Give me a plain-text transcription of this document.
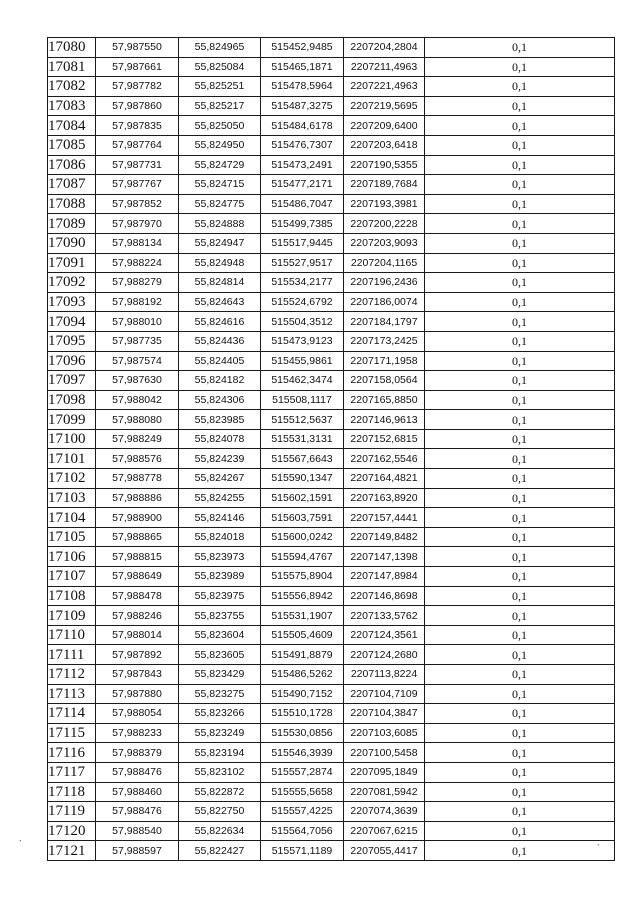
17080	57,987550	55,824965	515452,9485	2207204,2804	0,1
17081	57,987661	55,825084	515465,1871	2207211,4963	0,1
17082	57,987782	55,825251	515478,5964	2207221,4963	0,1
17083	57,987860	55,825217	515487,3275	2207219,5695	0,1
17084	57,987835	55,825050	515484,6178	2207209,6400	0,1
17085	57,987764	55,824950	515476,7307	2207203,6418	0,1
17086	57,987731	55,824729	515473,2491	2207190,5355	0,1
17087	57,987767	55,824715	515477,2171	2207189,7684	0,1
17088	57,987852	55,824775	515486,7047	2207193,3981	0,1
17089	57,987970	55,824888	515499,7385	2207200,2228	0,1
17090	57,988134	55,824947	515517,9445	2207203,9093	0,1
17091	57,988224	55,824948	515527,9517	2207204,1165	0,1
17092	57,988279	55,824814	515534,2177	2207196,2436	0,1
17093	57,988192	55,824643	515524,6792	2207186,0074	0,1
17094	57,988010	55,824616	515504,3512	2207184,1797	0,1
17095	57,987735	55,824436	515473,9123	2207173,2425	0,1
17096	57,987574	55,824405	515455,9861	2207171,1958	0,1
17097	57,987630	55,824182	515462,3474	2207158,0564	0,1
17098	57,988042	55,824306	515508,1117	2207165,8850	0,1
17099	57,988080	55,823985	515512,5637	2207146,9613	0,1
17100	57,988249	55,824078	515531,3131	2207152,6815	0,1
17101	57,988576	55,824239	515567,6643	2207162,5546	0,1
17102	57,988778	55,824267	515590,1347	2207164,4821	0,1
17103	57,988886	55,824255	515602,1591	2207163,8920	0,1
17104	57,988900	55,824146	515603,7591	2207157,4441	0,1
17105	57,988865	55,824018	515600,0242	2207149,8482	0,1
17106	57,988815	55,823973	515594,4767	2207147,1398	0,1
17107	57,988649	55,823989	515575,8904	2207147,8984	0,1
17108	57,988478	55,823975	515556,8942	2207146,8698	0,1
17109	57,988246	55,823755	515531,1907	2207133,5762	0,1
17110	57,988014	55,823604	515505,4609	2207124,3561	0,1
17111	57,987892	55,823605	515491,8879	2207124,2680	0,1
17112	57,987843	55,823429	515486,5262	2207113,8224	0,1
17113	57,987880	55,823275	515490,7152	2207104,7109	0,1
17114	57,988054	55,823266	515510,1728	2207104,3847	0,1
17115	57,988233	55,823249	515530,0856	2207103,6085	0,1
17116	57,988379	55,823194	515546,3939	2207100,5458	0,1
17117	57,988476	55,823102	515557,2874	2207095,1849	0,1
17118	57,988460	55,822872	515555,5658	2207081,5942	0,1
17119	57,988476	55,822750	515557,4225	2207074,3639	0,1
17120	57,988540	55,822634	515564,7056	2207067,6215	0,1
17121	57,988597	55,822427	515571,1189	2207055,4417	0,1
`	`
